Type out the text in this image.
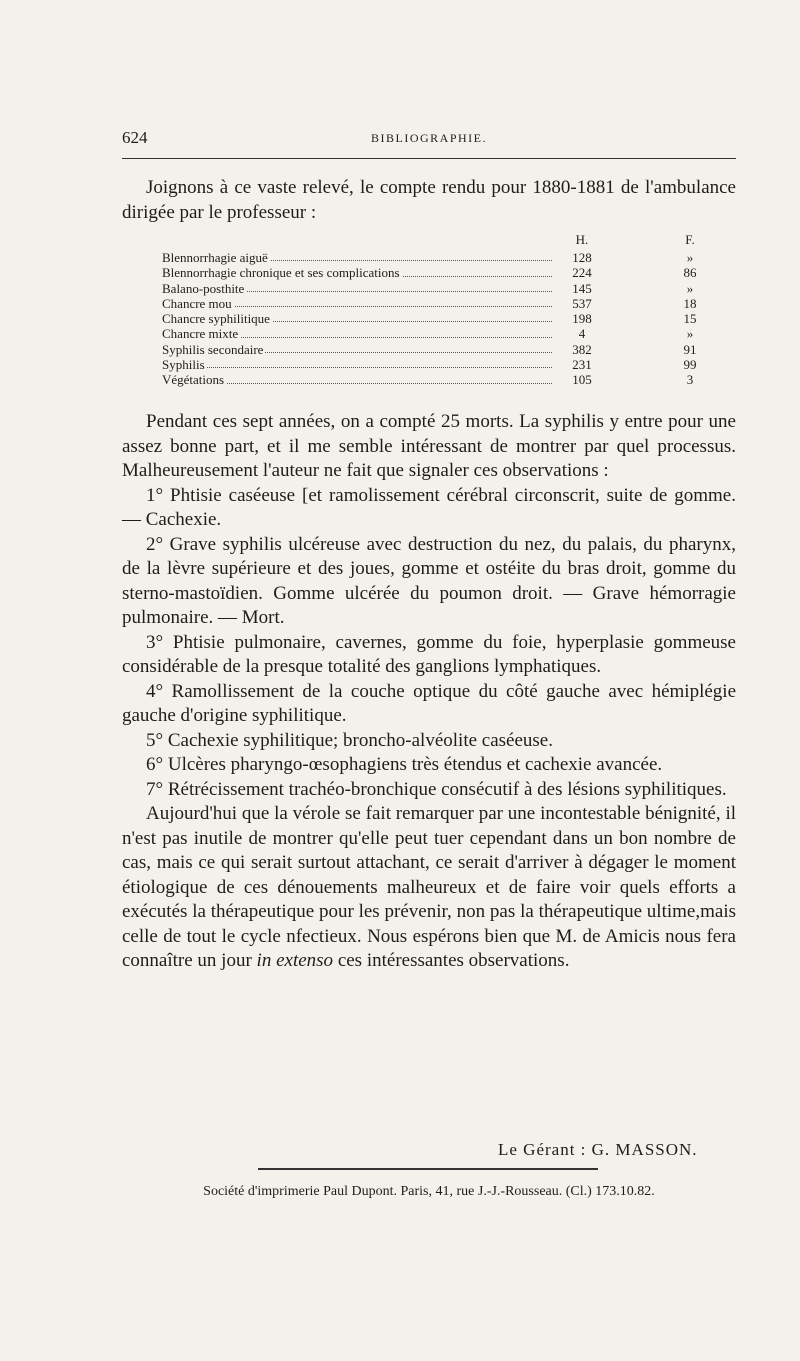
624	BIBLIOGRAPHIE.

Joignons à ce vaste relevé, le compte rendu pour 1880-1881 de l'ambulance dirigée par le professeur :

H.	F.
Blennorrhagie aiguë	128	»
Blennorrhagie chronique et ses complications	224	86
Balano-posthite	145	»
Chancre mou	537	18
Chancre syphilitique	198	15
Chancre mixte	4	»
Syphilis secondaire	382	91
Syphilis	231	99
Végétations	105	3

Pendant ces sept années, on a compté 25 morts. La syphilis y entre pour une assez bonne part, et il me semble intéressant de montrer par quel processus. Malheureusement l'auteur ne fait que signaler ces observations :

1° Phtisie caséeuse [et ramolissement cérébral circonscrit, suite de gomme. — Cachexie.

2° Grave syphilis ulcéreuse avec destruction du nez, du palais, du pharynx, de la lèvre supérieure et des joues, gomme et ostéite du bras droit, gomme du sterno-mastoïdien. Gomme ulcérée du poumon droit. — Grave hémorragie pulmonaire. — Mort.

3° Phtisie pulmonaire, cavernes, gomme du foie, hyperplasie gommeuse considérable de la presque totalité des ganglions lymphatiques.

4° Ramollissement de la couche optique du côté gauche avec hémiplégie gauche d'origine syphilitique.

5° Cachexie syphilitique; broncho-alvéolite caséeuse.

6° Ulcères pharyngo-œsophagiens très étendus et cachexie avancée.

7° Rétrécissement trachéo-bronchique consécutif à des lésions syphilitiques.

Aujourd'hui que la vérole se fait remarquer par une incontestable bénignité, il n'est pas inutile de montrer qu'elle peut tuer cependant dans un bon nombre de cas, mais ce qui serait surtout attachant, ce serait d'arriver à dégager le moment étiologique de ces dénouements malheureux et de faire voir quels efforts a exécutés la thérapeutique pour les prévenir, non pas la thérapeutique ultime,mais celle de tout le cycle nfectieux. Nous espérons bien que M. de Amicis nous fera connaître un jour in extenso ces intéressantes observations.

Le Gérant : G. MASSON.
Société d'imprimerie Paul Dupont. Paris, 41, rue J.-J.-Rousseau. (Cl.) 173.10.82.
